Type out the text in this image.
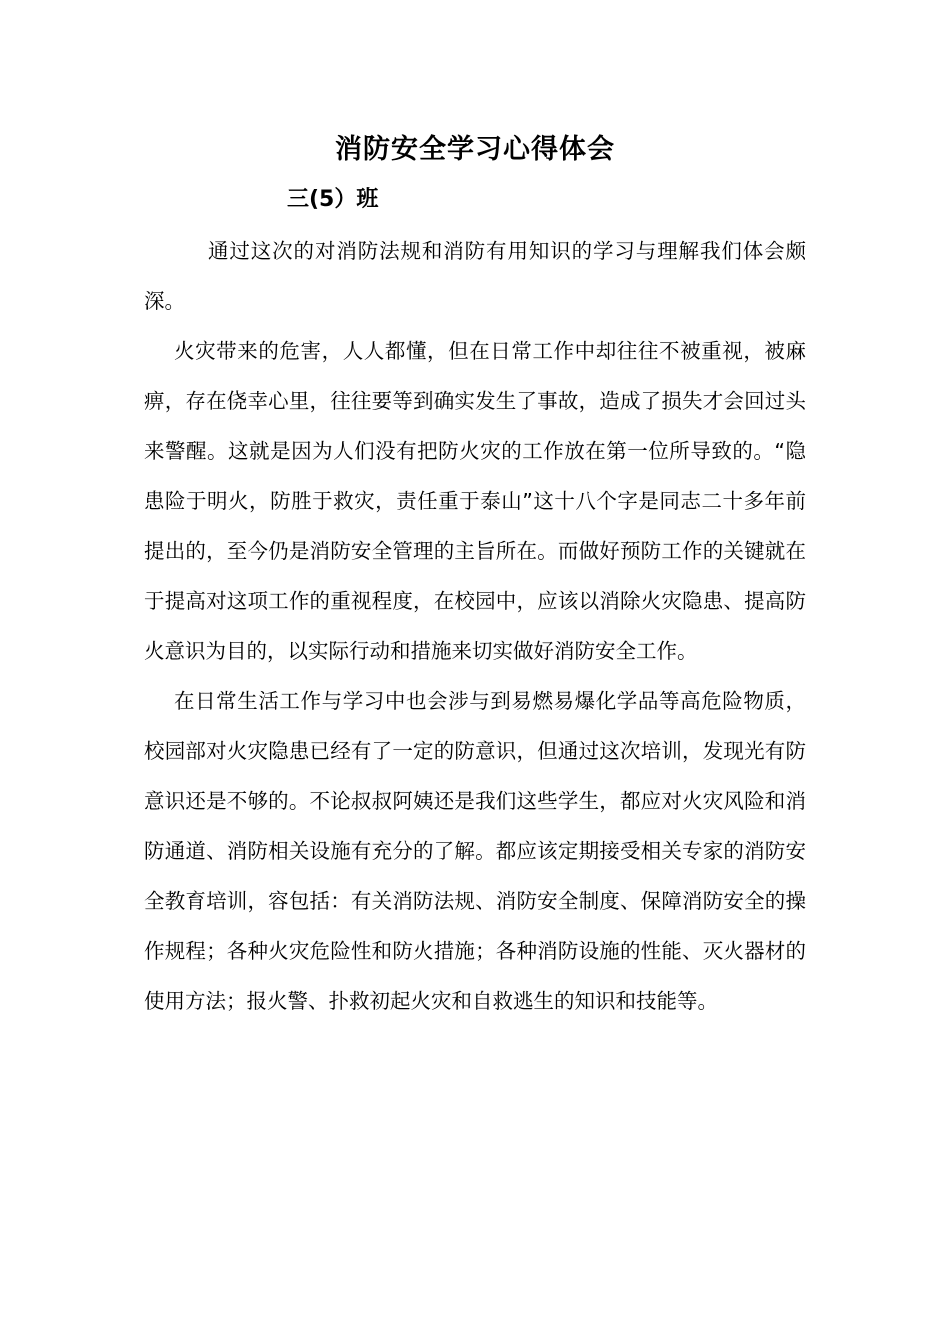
消防安全学习心得体会
三(5）班

通过这次的对消防法规和消防有用知识的学习与理解我们体会颇深。

火灾带来的危害，人人都懂，但在日常工作中却往往不被重视，被麻痹，存在侥幸心里，往往要等到确实发生了事故，造成了损失才会回过头来警醒。这就是因为人们没有把防火灾的工作放在第一位所导致的。“隐患险于明火，防胜于救灾，责任重于泰山”这十八个字是同志二十多年前提出的，至今仍是消防安全管理的主旨所在。而做好预防工作的关键就在于提高对这项工作的重视程度，在校园中，应该以消除火灾隐患、提高防火意识为目的，以实际行动和措施来切实做好消防安全工作。

在日常生活工作与学习中也会涉与到易燃易爆化学品等高危险物质，校园部对火灾隐患已经有了一定的防意识，但通过这次培训，发现光有防意识还是不够的。不论叔叔阿姨还是我们这些学生，都应对火灾风险和消防通道、消防相关设施有充分的了解。都应该定期接受相关专家的消防安全教育培训，容包括：有关消防法规、消防安全制度、保障消防安全的操作规程；各种火灾危险性和防火措施；各种消防设施的性能、灭火器材的使用方法；报火警、扑救初起火灾和自救逃生的知识和技能等。
